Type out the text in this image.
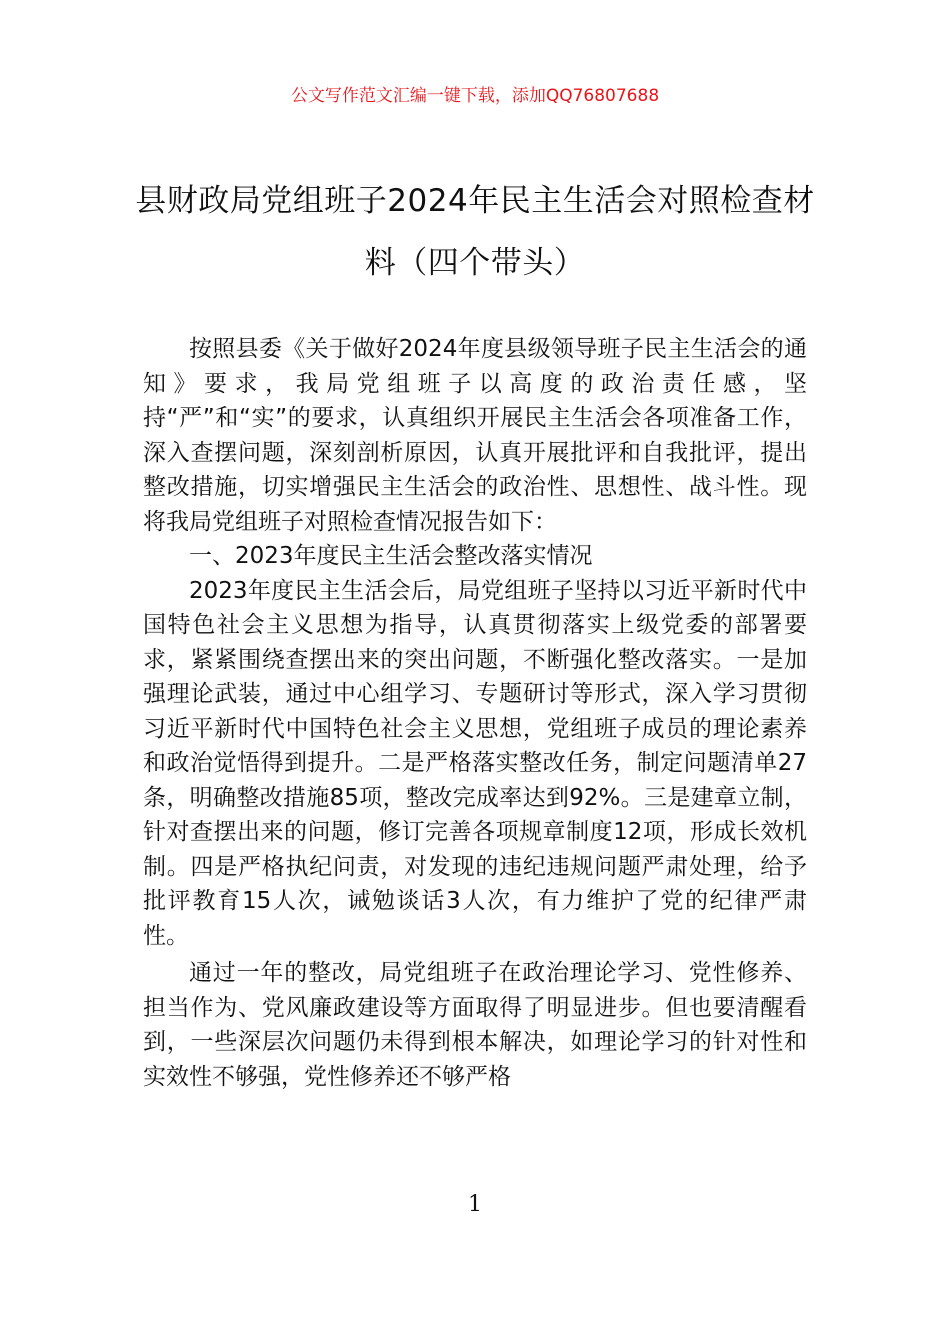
公文写作范文汇编一键下载，添加QQ76807688
县财政局党组班子2024年民主生活会对照检查材料（四个带头）

按照县委《关于做好2024年度县级领导班子民主生活会的通知》要求，我局党组班子以高度的政治责任感，坚持“严”和“实”的要求，认真组织开展民主生活会各项准备工作，深入查摆问题，深刻剖析原因，认真开展批评和自我批评，提出整改措施，切实增强民主生活会的政治性、思想性、战斗性。现将我局党组班子对照检查情况报告如下：

一、2023年度民主生活会整改落实情况

2023年度民主生活会后，局党组班子坚持以习近平新时代中国特色社会主义思想为指导，认真贯彻落实上级党委的部署要求，紧紧围绕查摆出来的突出问题，不断强化整改落实。一是加强理论武装，通过中心组学习、专题研讨等形式，深入学习贯彻习近平新时代中国特色社会主义思想，党组班子成员的理论素养和政治觉悟得到提升。二是严格落实整改任务，制定问题清单27条，明确整改措施85项，整改完成率达到92%。三是建章立制，针对查摆出来的问题，修订完善各项规章制度12项，形成长效机制。四是严格执纪问责，对发现的违纪违规问题严肃处理，给予批评教育15人次，诫勉谈话3人次，有力维护了党的纪律严肃性。

通过一年的整改，局党组班子在政治理论学习、党性修养、担当作为、党风廉政建设等方面取得了明显进步。但也要清醒看到，一些深层次问题仍未得到根本解决，如理论学习的针对性和实效性不够强，党性修养还不够严格

1
